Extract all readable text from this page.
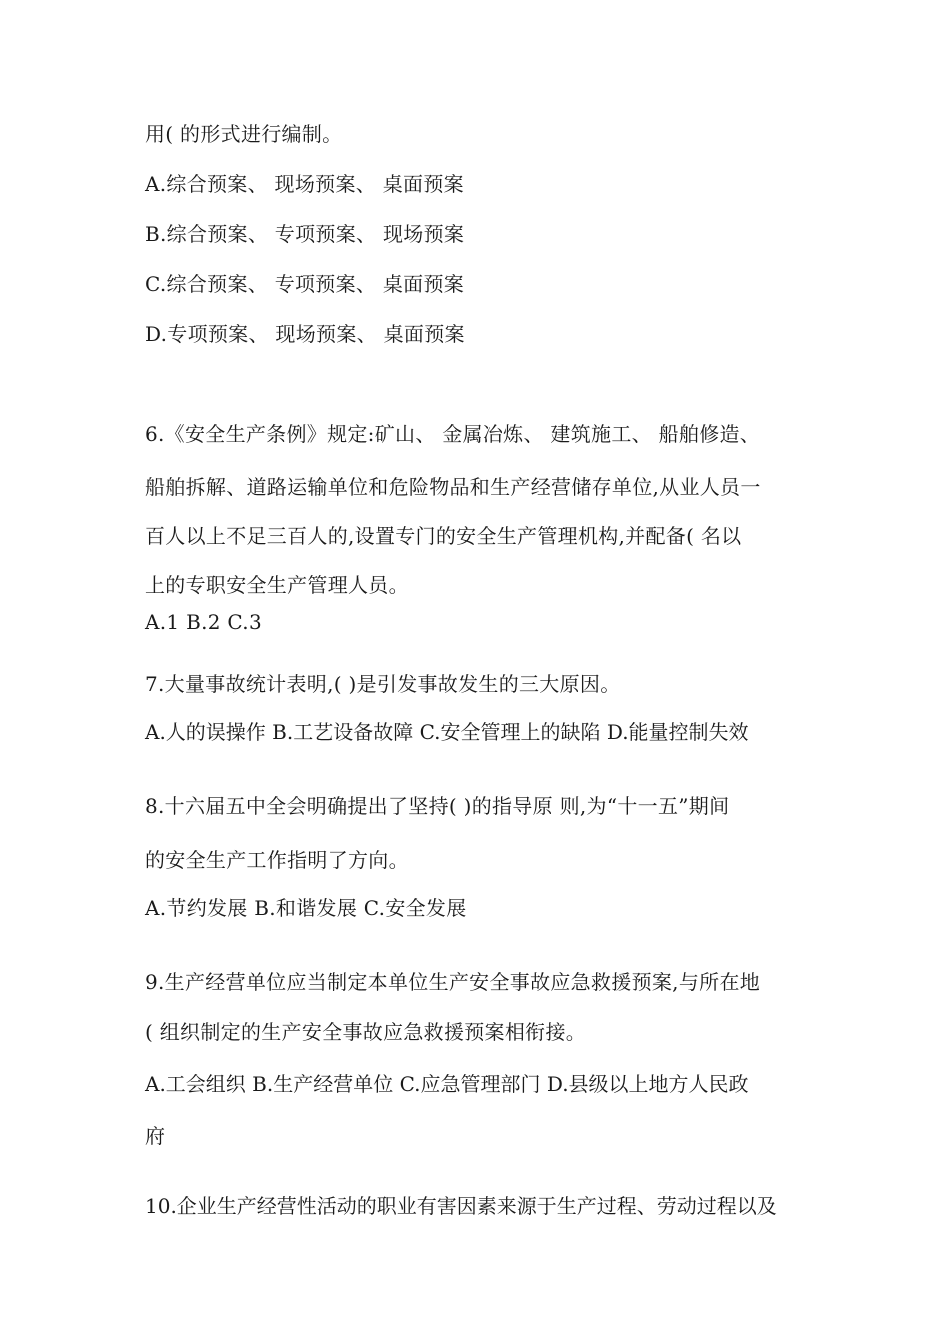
用( 的形式进行编制。

A.综合预案、 现场预案、 桌面预案

B.综合预案、 专项预案、 现场预案

C.综合预案、 专项预案、 桌面预案

D.专项预案、 现场预案、 桌面预案

6.《安全生产条例》规定:矿山、 金属冶炼、 建筑施工、 船舶修造、

船舶拆解、道路运输单位和危险物品和生产经营储存单位,从业人员一

百人以上不足三百人的,设置专门的安全生产管理机构,并配备( 名以

上的专职安全生产管理人员。

A.1 B.2 C.3

7.大量事故统计表明,( )是引发事故发生的三大原因。

A.人的误操作 B.工艺设备故障 C.安全管理上的缺陷 D.能量控制失效

8.十六届五中全会明确提出了坚持( )的指导原 则,为“十一五”期间

的安全生产工作指明了方向。

A.节约发展 B.和谐发展 C.安全发展

9.生产经营单位应当制定本单位生产安全事故应急救援预案,与所在地

( 组织制定的生产安全事故应急救援预案相衔接。

A.工会组织 B.生产经营单位 C.应急管理部门 D.县级以上地方人民政

府

10.企业生产经营性活动的职业有害因素来源于生产过程、劳动过程以及
